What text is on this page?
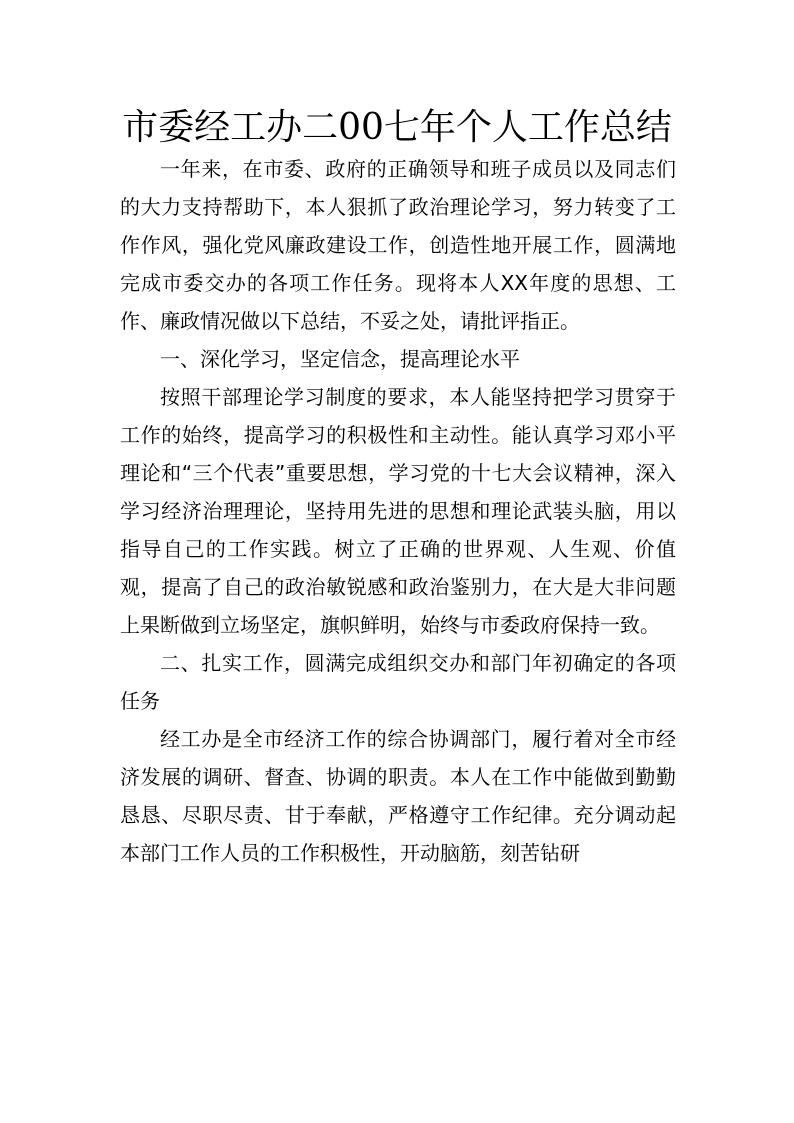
市委经工办二00七年个人工作总结

一年来，在市委、政府的正确领导和班子成员以及同志们的大力支持帮助下，本人狠抓了政治理论学习，努力转变了工作作风，强化党风廉政建设工作，创造性地开展工作，圆满地完成市委交办的各项工作任务。现将本人XX年度的思想、工作、廉政情况做以下总结，不妥之处，请批评指正。

一、深化学习，坚定信念，提高理论水平

按照干部理论学习制度的要求，本人能坚持把学习贯穿于工作的始终，提高学习的积极性和主动性。能认真学习邓小平理论和“三个代表”重要思想，学习党的十七大会议精神，深入学习经济治理理论，坚持用先进的思想和理论武装头脑，用以指导自己的工作实践。树立了正确的世界观、人生观、价值观，提高了自己的政治敏锐感和政治鉴别力，在大是大非问题上果断做到立场坚定，旗帜鲜明，始终与市委政府保持一致。

二、扎实工作，圆满完成组织交办和部门年初确定的各项任务

经工办是全市经济工作的综合协调部门，履行着对全市经济发展的调研、督查、协调的职责。本人在工作中能做到勤勤恳恳、尽职尽责、甘于奉献，严格遵守工作纪律。充分调动起本部门工作人员的工作积极性，开动脑筋，刻苦钻研
